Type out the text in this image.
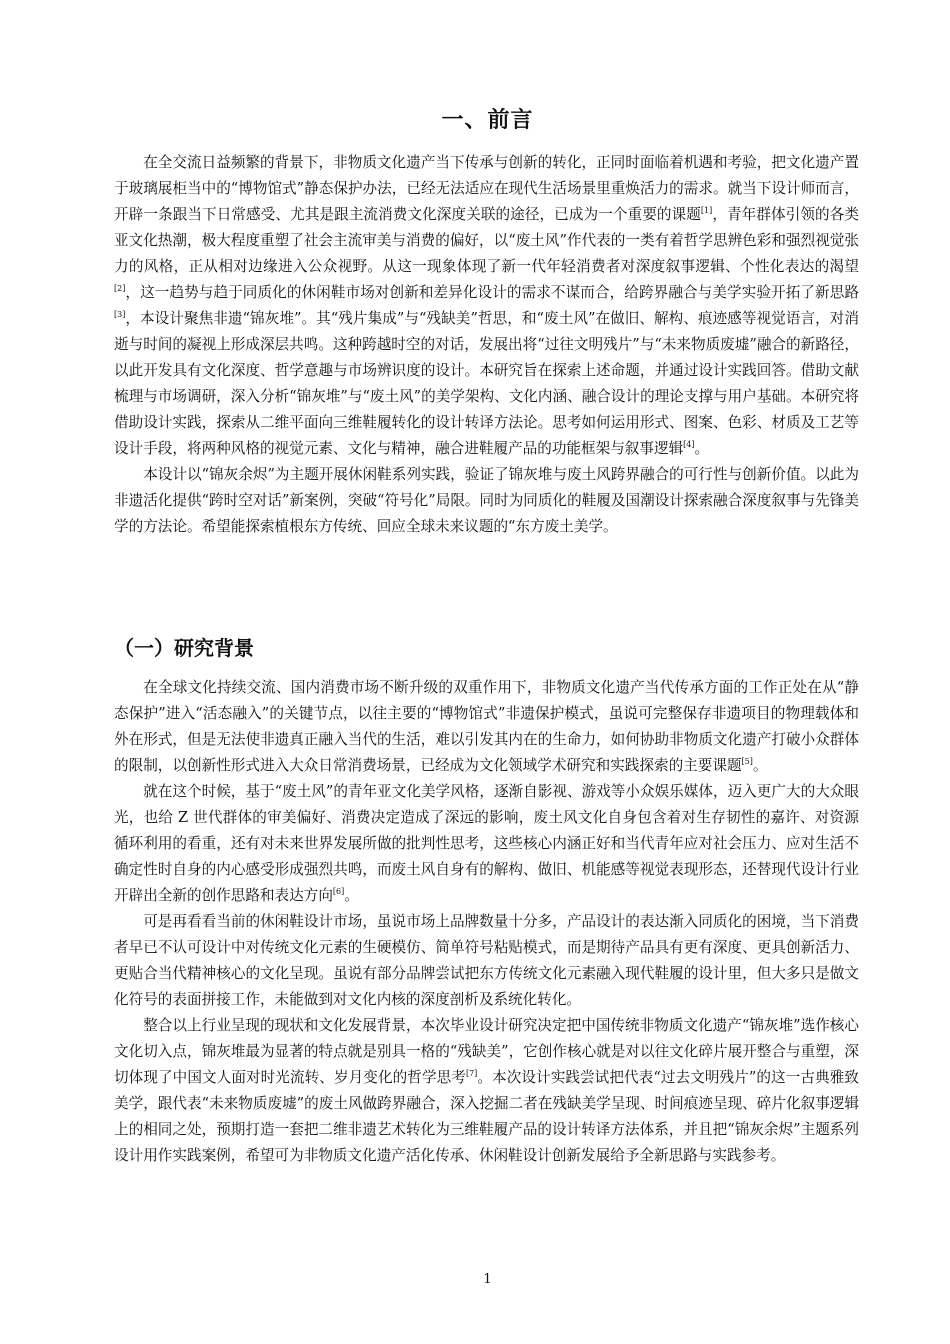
一、前言

在全交流日益频繁的背景下，非物质文化遗产当下传承与创新的转化，正同时面临着机遇和考验，把文化遗产置于玻璃展柜当中的“博物馆式”静态保护办法，已经无法适应在现代生活场景里重焕活力的需求。就当下设计师而言，开辟一条跟当下日常感受、尤其是跟主流消费文化深度关联的途径，已成为一个重要的课题[1]，青年群体引领的各类亚文化热潮，极大程度重塑了社会主流审美与消费的偏好，以“废土风”作代表的一类有着哲学思辨色彩和强烈视觉张力的风格，正从相对边缘进入公众视野。从这一现象体现了新一代年轻消费者对深度叙事逻辑、个性化表达的渴望[2]，这一趋势与趋于同质化的休闲鞋市场对创新和差异化设计的需求不谋而合，给跨界融合与美学实验开拓了新思路[3]，本设计聚焦非遗“锦灰堆”。其“残片集成”与“残缺美”哲思，和“废土风”在做旧、解构、痕迹感等视觉语言，对消逝与时间的凝视上形成深层共鸣。这种跨越时空的对话，发展出将“过往文明残片”与“未来物质废墟”融合的新路径，以此开发具有文化深度、哲学意趣与市场辨识度的设计。本研究旨在探索上述命题，并通过设计实践回答。借助文献梳理与市场调研，深入分析“锦灰堆”与“废土风”的美学架构、文化内涵、融合设计的理论支撑与用户基础。本研究将借助设计实践，探索从二维平面向三维鞋履转化的设计转译方法论。思考如何运用形式、图案、色彩、材质及工艺等设计手段，将两种风格的视觉元素、文化与精神，融合进鞋履产品的功能框架与叙事逻辑[4]。

本设计以“锦灰余烬”为主题开展休闲鞋系列实践，验证了锦灰堆与废土风跨界融合的可行性与创新价值。以此为非遗活化提供“跨时空对话”新案例，突破“符号化”局限。同时为同质化的鞋履及国潮设计探索融合深度叙事与先锋美学的方法论。希望能探索植根东方传统、回应全球未来议题的“东方废土美学。

（一）研究背景

在全球文化持续交流、国内消费市场不断升级的双重作用下，非物质文化遗产当代传承方面的工作正处在从“静态保护”进入“活态融入”的关键节点，以往主要的“博物馆式”非遗保护模式，虽说可完整保存非遗项目的物理载体和外在形式，但是无法使非遗真正融入当代的生活，难以引发其内在的生命力，如何协助非物质文化遗产打破小众群体的限制，以创新性形式进入大众日常消费场景，已经成为文化领域学术研究和实践探索的主要课题[5]。

就在这个时候，基于“废土风”的青年亚文化美学风格，逐渐自影视、游戏等小众娱乐媒体，迈入更广大的大众眼光，也给 Z 世代群体的审美偏好、消费决定造成了深远的影响，废土风文化自身包含着对生存韧性的嘉许、对资源循环利用的看重，还有对未来世界发展所做的批判性思考，这些核心内涵正好和当代青年应对社会压力、应对生活不确定性时自身的内心感受形成强烈共鸣，而废土风自身有的解构、做旧、机能感等视觉表现形态，还替现代设计行业开辟出全新的创作思路和表达方向[6]。

可是再看看当前的休闲鞋设计市场，虽说市场上品牌数量十分多，产品设计的表达渐入同质化的困境，当下消费者早已不认可设计中对传统文化元素的生硬模仿、简单符号粘贴模式，而是期待产品具有更有深度、更具创新活力、更贴合当代精神核心的文化呈现。虽说有部分品牌尝试把东方传统文化元素融入现代鞋履的设计里，但大多只是做文化符号的表面拼接工作，未能做到对文化内核的深度剖析及系统化转化。

整合以上行业呈现的现状和文化发展背景，本次毕业设计研究决定把中国传统非物质文化遗产“锦灰堆”选作核心文化切入点，锦灰堆最为显著的特点就是别具一格的“残缺美”，它创作核心就是对以往文化碎片展开整合与重塑，深切体现了中国文人面对时光流转、岁月变化的哲学思考[7]。本次设计实践尝试把代表“过去文明残片”的这一古典雅致美学，跟代表“未来物质废墟”的废土风做跨界融合，深入挖掘二者在残缺美学呈现、时间痕迹呈现、碎片化叙事逻辑上的相同之处，预期打造一套把二维非遗艺术转化为三维鞋履产品的设计转译方法体系，并且把“锦灰余烬”主题系列设计用作实践案例，希望可为非物质文化遗产活化传承、休闲鞋设计创新发展给予全新思路与实践参考。

1
